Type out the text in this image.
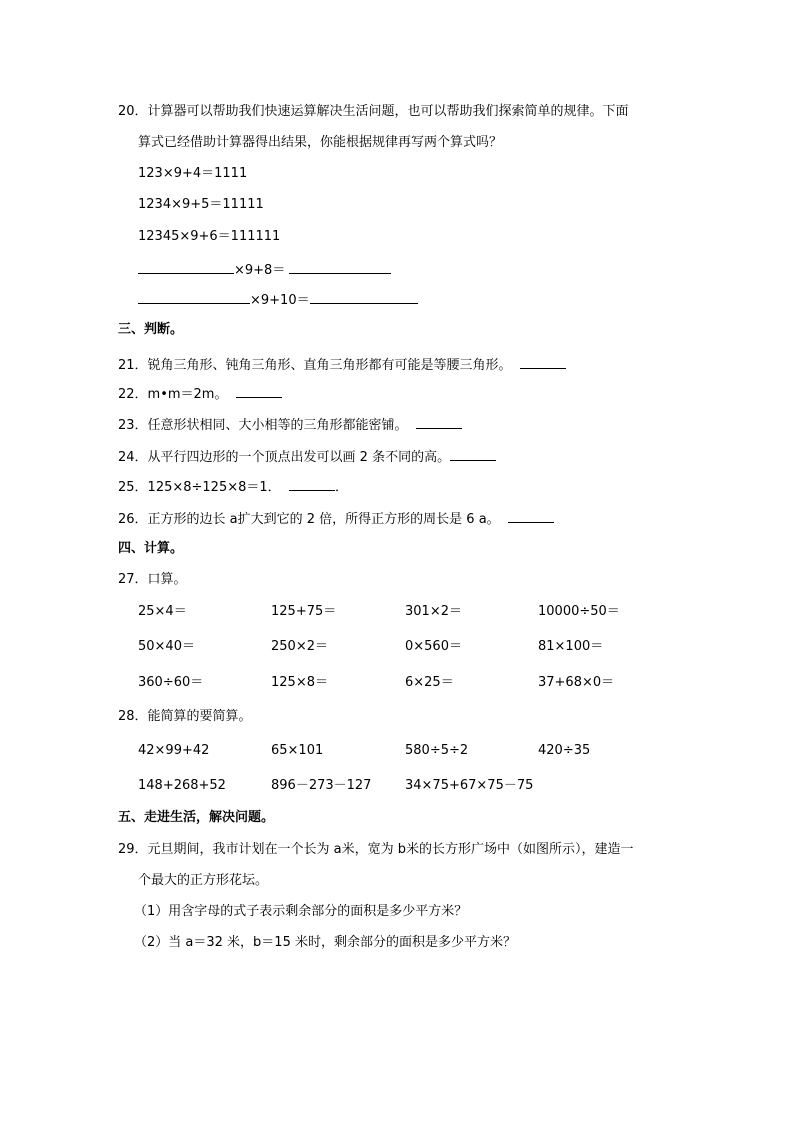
20．计算器可以帮助我们快速运算解决生活问题，也可以帮助我们探索简单的规律。下面
算式已经借助计算器得出结果，你能根据规律再写两个算式吗？
123×9+4＝1111
1234×9+5＝11111
12345×9+6＝111111
×9+8＝
×9+10＝
三、判断。
21．锐角三角形、钝角三角形、直角三角形都有可能是等腰三角形。
22．m•m＝2m。
23．任意形状相同、大小相等的三角形都能密铺。
24．从平行四边形的一个顶点出发可以画 2 条不同的高。
25．125×8÷125×8＝1．	．
26．正方形的边长 a扩大到它的 2 倍，所得正方形的周长是 6 a。
四、计算。
27．口算。
25×4＝	125+75＝	301×2＝	10000÷50＝
50×40＝	250×2＝	0×560＝	81×100＝
360÷60＝	125×8＝	6×25＝	37+68×0＝
28．能简算的要简算。
42×99+42	65×101	580÷5÷2	420÷35
148+268+52	896－273－127	34×75+67×75－75
五、走进生活，解决问题。
29．元旦期间，我市计划在一个长为 a米，宽为 b米的长方形广场中（如图所示），建造一
个最大的正方形花坛。
（1）用含字母的式子表示剩余部分的面积是多少平方米？
（2）当 a＝32 米，b＝15 米时，剩余部分的面积是多少平方米？
